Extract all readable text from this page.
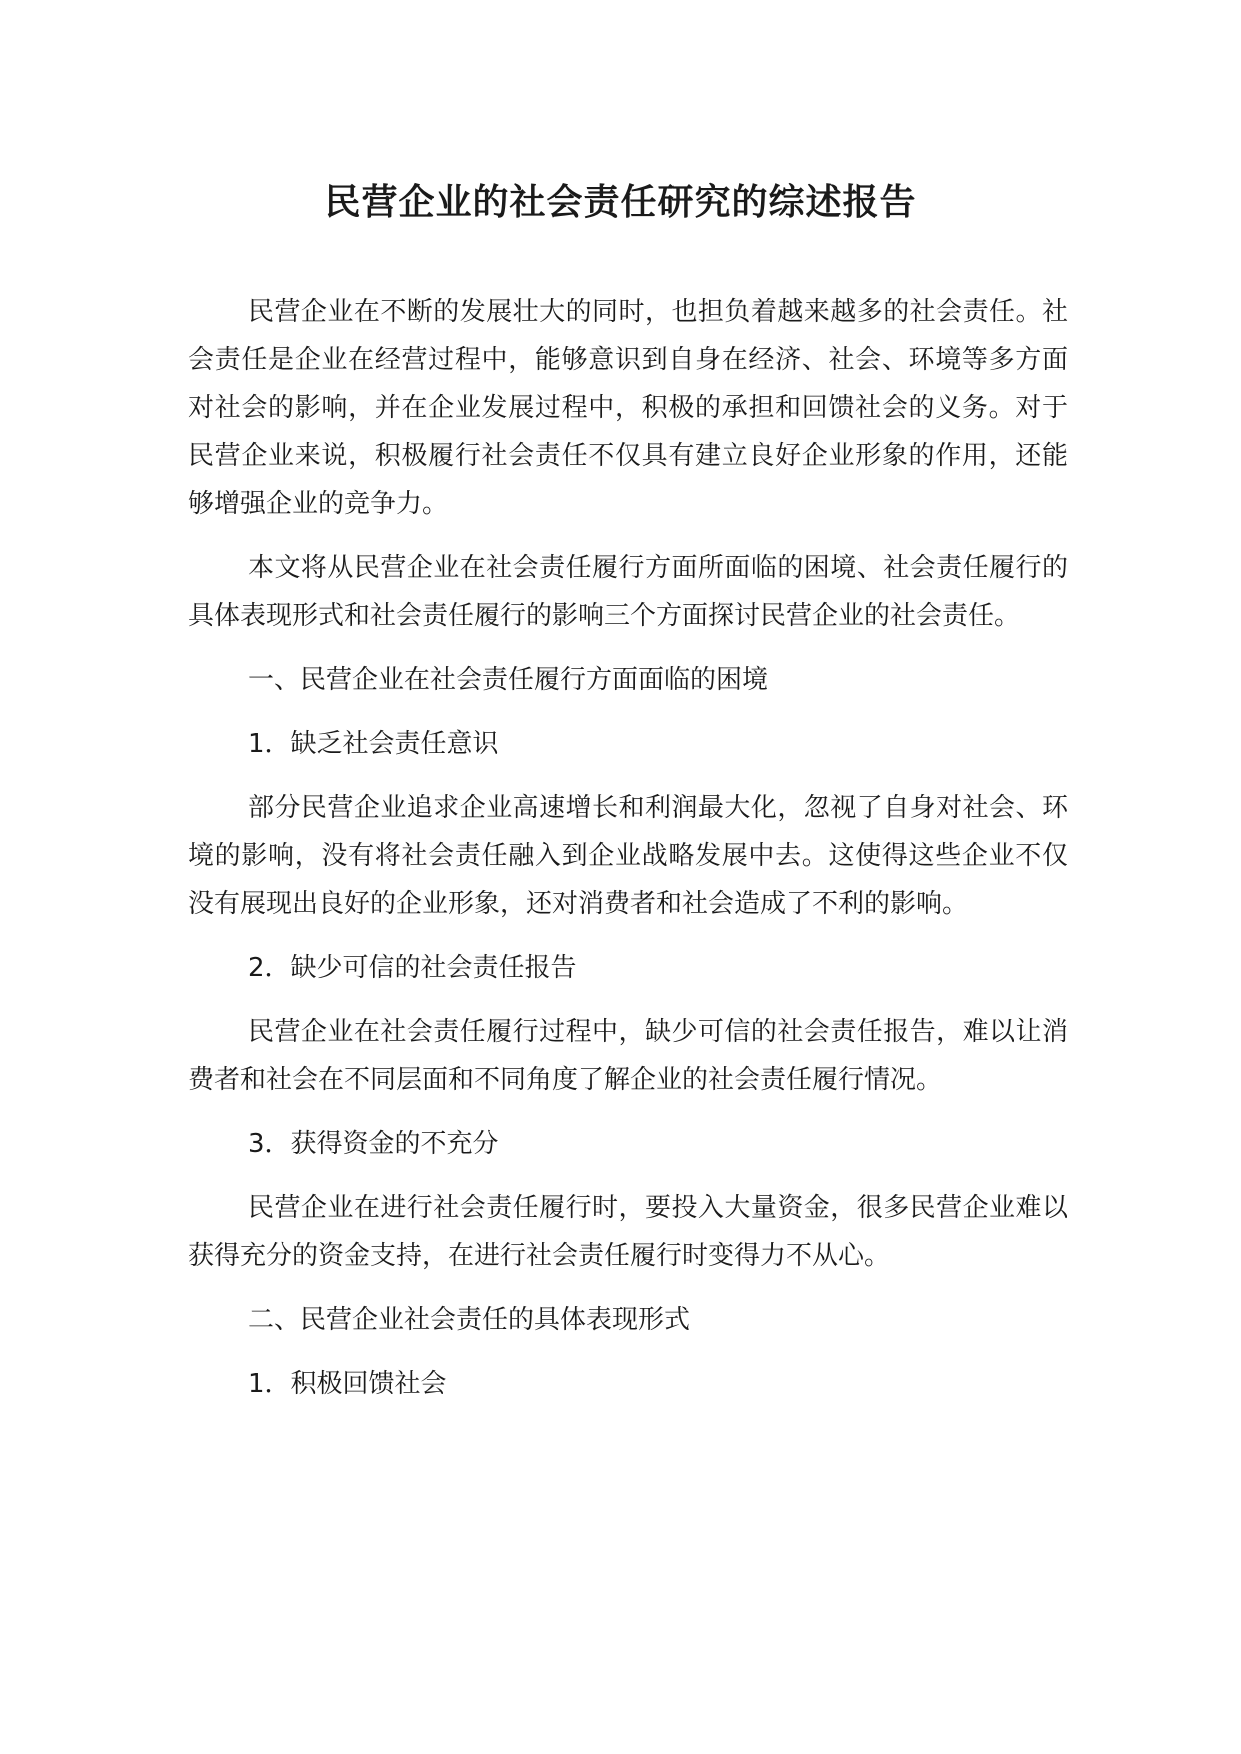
民营企业的社会责任研究的综述报告

民营企业在不断的发展壮大的同时，也担负着越来越多的社会责任。社会责任是企业在经营过程中，能够意识到自身在经济、社会、环境等多方面对社会的影响，并在企业发展过程中，积极的承担和回馈社会的义务。对于民营企业来说，积极履行社会责任不仅具有建立良好企业形象的作用，还能够增强企业的竞争力。

本文将从民营企业在社会责任履行方面所面临的困境、社会责任履行的具体表现形式和社会责任履行的影响三个方面探讨民营企业的社会责任。

一、民营企业在社会责任履行方面面临的困境

1．缺乏社会责任意识

部分民营企业追求企业高速增长和利润最大化，忽视了自身对社会、环境的影响，没有将社会责任融入到企业战略发展中去。这使得这些企业不仅没有展现出良好的企业形象，还对消费者和社会造成了不利的影响。

2．缺少可信的社会责任报告

民营企业在社会责任履行过程中，缺少可信的社会责任报告，难以让消费者和社会在不同层面和不同角度了解企业的社会责任履行情况。

3．获得资金的不充分

民营企业在进行社会责任履行时，要投入大量资金，很多民营企业难以获得充分的资金支持，在进行社会责任履行时变得力不从心。

二、民营企业社会责任的具体表现形式

1．积极回馈社会
